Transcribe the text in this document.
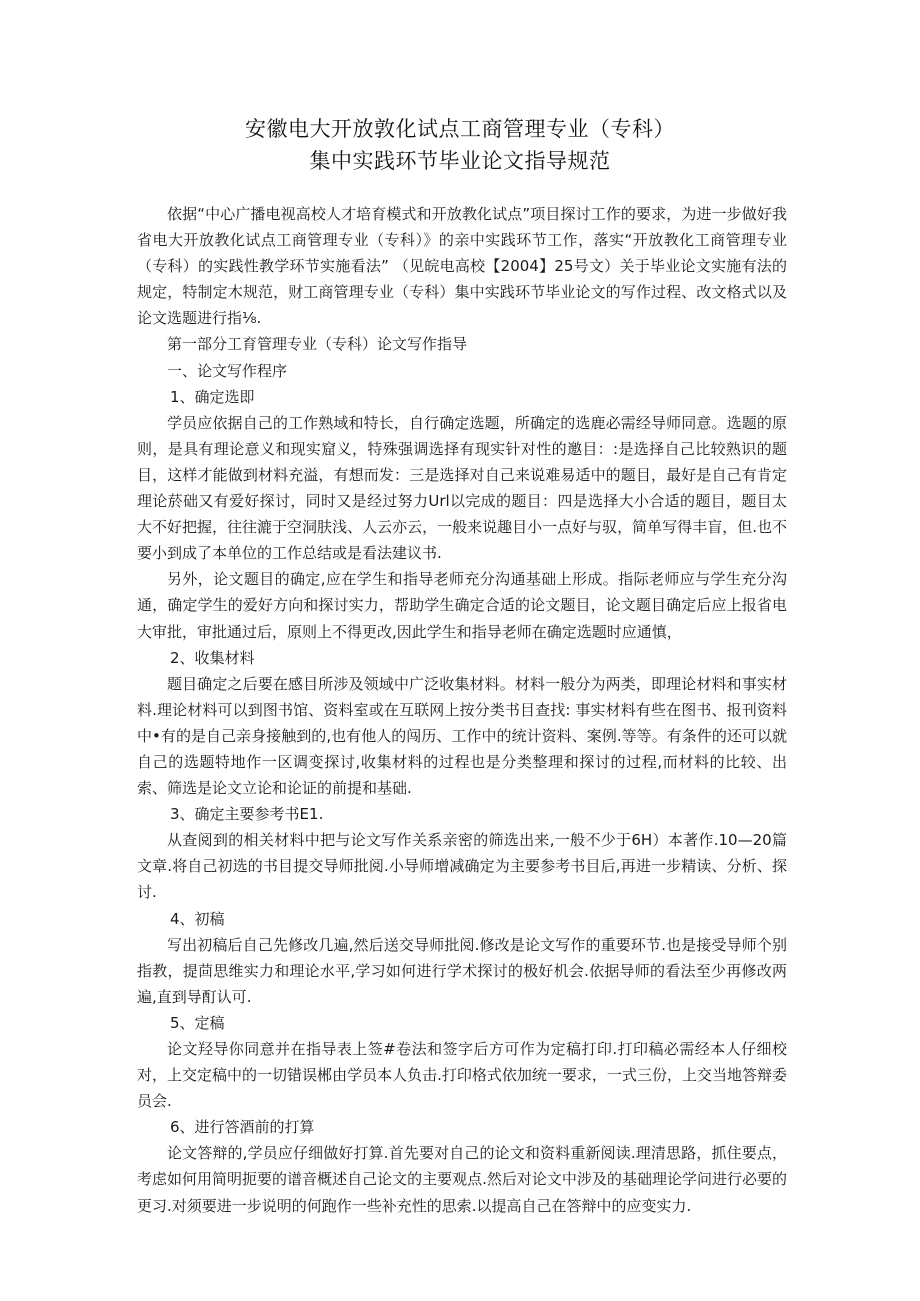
安徽电大开放敦化试点工商管理专业（专科）
集中实践环节毕业论文指导规范

依据“中心广播电视高校人才培育模式和开放教化试点”项目探讨工作的要求，为进一步做好我省电大开放教化试点工商管理专业（专科）》的亲中实践环节工作，落实“开放教化工商管理专业（专科）的实践性教学环节实施看法” （见皖电高校【2004】25号文）关于毕业论文实施有法的规定，特制定木规范，财工商管理专业（专科）集中实践环节毕业论文的写作过程、改文格式以及论文选题进行指⅛.

第一部分工育管理专业（专科）论文写作指导

一、论文写作程序

1、确定选即

学员应依据自己的工作熟域和特长，自行确定选题，所确定的选鹿必需经导师同意。选题的原则，是具有理论意义和现实窟义，特殊强调选择有现实针对性的邀目：:是选择自己比较熟识的题目，这样才能做到材料充溢，有想而发：三是选择对自己来说难易适中的题目，最好是自己有肯定理论菸础又有爱好探讨，同时又是经过努力Url以完成的题目：四是选择大小合适的题目，题目太大不好把握，往往漉于空洞肤浅、人云亦云，一般来说趣目小一点好与驭，简单写得丰盲，但.也不要小到成了本单位的工作总结或是看法建议书.

另外，论文题目的确定,应在学生和指导老师充分沟通基础上形成。指际老师应与学生充分沟通，确定学生的爱好方向和探讨实力，帮助学生确定合适的论文题目，论文题目确定后应上报省电大审批，审批通过后，原则上不得更改,因此学生和指导老师在确定选题时应通慎，

2、收集材料

题目确定之后要在感目所涉及领域中广泛收集材料。材料一般分为两类，即理论材料和事实材料.理论材料可以到图书馆、资料室或在互联网上按分类书目查找: 事实材料有些在图书、报刊资料中•有的是自己亲身接触到的,也有他人的闯历、工作中的统计资料、案例.等等。有条件的还可以就自己的选题特地作一区调变探讨,收集材料的过程也是分类整理和探讨的过程,而材料的比较、出索、筛选是论文立论和论证的前提和基础.

3、确定主要参考书E1.

从查阅到的相关材料中把与论文写作关系亲密的筛选出来,一般不少于6H）本著作.10—20篇文章.将自己初选的书目提交导师批阅.小导师增减确定为主要参考书目后,再进一步精读、分析、探讨.

4、初稿

写出初稿后自己先修改几遍,然后送交导师批阅.修改是论文写作的重要环节.也是接受导师个别指教，提茴思维实力和理论水平,学习如何进行学术探讨的极好机会.依据导师的看法至少再修改两遍,直到导酊认可.

5、定稿

论文羟导你同意并在指导表上签#卷法和签字后方可作为定稿打印.打印稿必需经本人仔细校对，上交定稿中的一切错误郴由学员本人负击.打印格式依加统一要求，一式三份，上交当地答辩委员会.

6、进行答酒前的打算

论文答辩的,学员应仔细做好打算.首先要对自己的论文和资料重新阅读.理清思路，抓住要点，考虑如何用简明扼要的谱音概述自己论文的主要观点.然后对论文中涉及的基础理论学问进行必要的更习.对须要进一步说明的何跑作一些补充性的思索.以提高自己在答辩中的应变实力.
